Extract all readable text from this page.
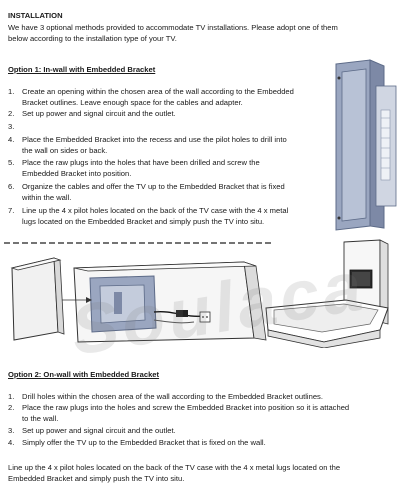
INSTALLATION
We have 3 optional methods provided to accommodate TV installations. Please adopt one of them
below according to the installation type of your TV.
Option 1: In-wall with Embedded Bracket
1. Create an opening within the chosen area of the wall according to the Embedded
Bracket outlines. Leave enough space for the cables and adapter.
2. Set up power and signal circuit and the outlet.
3.
4. Place the Embedded Bracket into the recess and use the pilot holes to drill into
the wall on sides or back.
5. Place the raw plugs into the holes that have been drilled and screw the
Embedded Bracket into position.
6. Organize the cables and offer the TV up to the Embedded Bracket that is fixed
within the wall.
7. Line up the 4 x pilot holes located on the back of the TV case with the 4 x metal
lugs located on the Embedded Bracket and simply push the TV into situ.
Option 2: On-wall with Embedded Bracket
1. Drill holes within the chosen area of the wall according to the Embedded Bracket outlines.
2. Place the raw plugs into the holes and screw the Embedded Bracket into position so it is attached
to the wall.
3. Set up power and signal circuit and the outlet.
4. Simply offer the TV up to the Embedded Bracket that is fixed on the wall.
Line up the 4 x pilot holes located on the back of the TV case with the 4 x metal lugs located on the
Embedded Bracket and simply push the TV into situ.
